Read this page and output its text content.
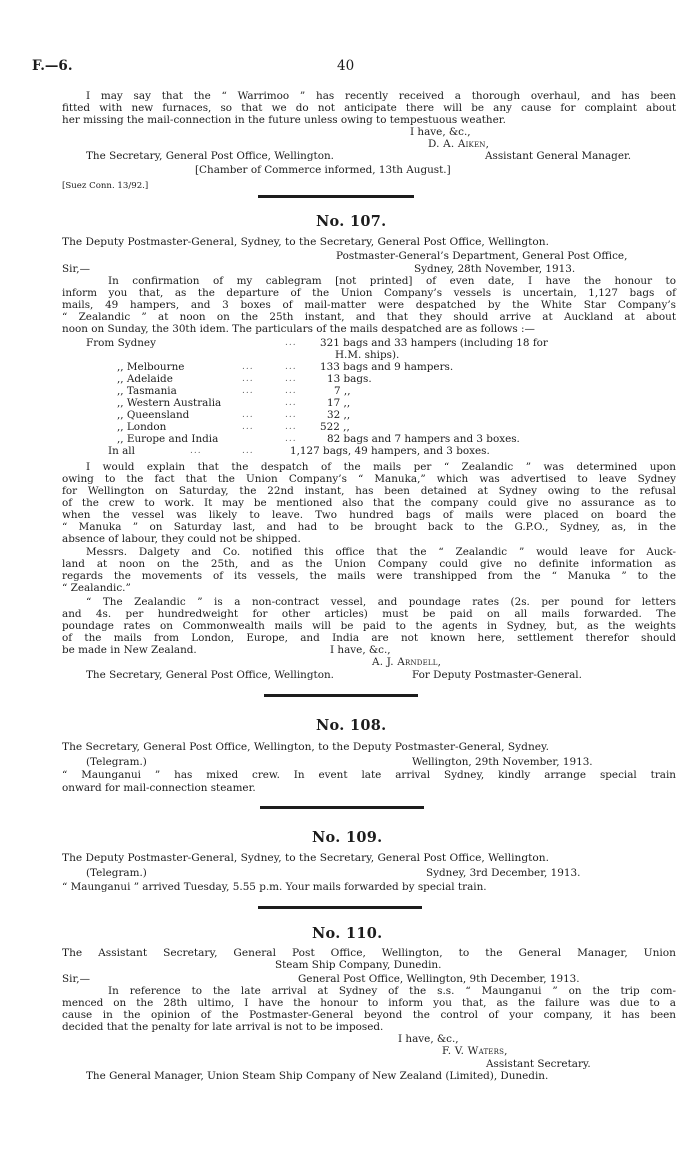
F.—6.	40
I may say that the “ Warrimoo ” has recently received a thorough overhaul, and has been
fitted with new furnaces, so that we do not anticipate there will be any cause for complaint about
her missing the mail-connection in the future unless owing to tempestuous weather.
I have, &c.,
D. A. Aiken,
The Secretary, General Post Office, Wellington.	Assistant General Manager.
[Chamber of Commerce informed, 13th August.]
[Suez Conn. 13/92.]
No. 107.
The Deputy Postmaster-General, Sydney, to the Secretary, General Post Office, Wellington.
Postmaster-General’s Department, General Post Office,
Sir,—	Sydney, 28th November, 1913.
In confirmation of my cablegram [not printed] of even date, I have the honour to
inform you that, as the departure of the Union Company’s vessels is uncertain, 1,127 bags of
mails, 49 hampers, and 3 boxes of mail-matter were despatched by the White Star Company’s
“ Zealandic ” at noon on the 25th instant, and that they should arrive at Auckland at about
noon on Sunday, the 30th idem. The particulars of the mails despatched are as follows :—
From Sydney	... 321 bags and 33 hampers (including 18 for
H.M. ships).
,, Melbourne	...	... 133 bags and 9 hampers.
,, Adelaide	...	...	13 bags.
,, Tasmania	...	...	7 ,,
,, Western Australia	...	17 ,,
,, Queensland	...	...	32 ,,
,, London	...	... 522 ,,
,, Europe and India	...	82 bags and 7 hampers and 3 boxes.
In all	...	...	1,127 bags, 49 hampers, and 3 boxes.
I would explain that the despatch of the mails per “ Zealandic ” was determined upon
owing to the fact that the Union Company’s “ Manuka,” which was advertised to leave Sydney
for Wellington on Saturday, the 22nd instant, has been detained at Sydney owing to the refusal
of the crew to work. It may be mentioned also that the company could give no assurance as to
when the vessel was likely to leave. Two hundred bags of mails were placed on board the
“ Manuka ” on Saturday last, and had to be brought back to the G.P.O., Sydney, as, in the
absence of labour, they could not be shipped.
Messrs. Dalgety and Co. notified this office that the “ Zealandic ” would leave for Auck-
land at noon on the 25th, and as the Union Company could give no definite information as
regards the movements of its vessels, the mails were transhipped from the “ Manuka ” to the
“ Zealandic.”
“ The Zealandic ” is a non-contract vessel, and poundage rates (2s. per pound for letters
and 4s. per hundredweight for other articles) must be paid on all mails forwarded. The
poundage rates on Commonwealth mails will be paid to the agents in Sydney, but, as the weights
of the mails from London, Europe, and India are not known here, settlement therefor should
be made in New Zealand.	I have, &c.,
A. J. Arndell,
The Secretary, General Post Office, Wellington.	For Deputy Postmaster-General.
No. 108.
The Secretary, General Post Office, Wellington, to the Deputy Postmaster-General, Sydney.
(Telegram.)	Wellington, 29th November, 1913.
“ Maunganui ” has mixed crew. In event late arrival Sydney, kindly arrange special train
onward for mail-connection steamer.
No. 109.
The Deputy Postmaster-General, Sydney, to the Secretary, General Post Office, Wellington.
(Telegram.)	Sydney, 3rd December, 1913.
“ Maunganui ” arrived Tuesday, 5.55 p.m. Your mails forwarded by special train.
No. 110.
The Assistant Secretary, General Post Office, Wellington, to the General Manager, Union
Steam Ship Company, Dunedin.
Sir,—	General Post Office, Wellington, 9th December, 1913.
In reference to the late arrival at Sydney of the s.s. “ Maunganui ” on the trip com-
menced on the 28th ultimo, I have the honour to inform you that, as the failure was due to a
cause in the opinion of the Postmaster-General beyond the control of your company, it has been
decided that the penalty for late arrival is not to be imposed.
I have, &c.,
F. V. Waters,
Assistant Secretary.
The General Manager, Union Steam Ship Company of New Zealand (Limited), Dunedin.
